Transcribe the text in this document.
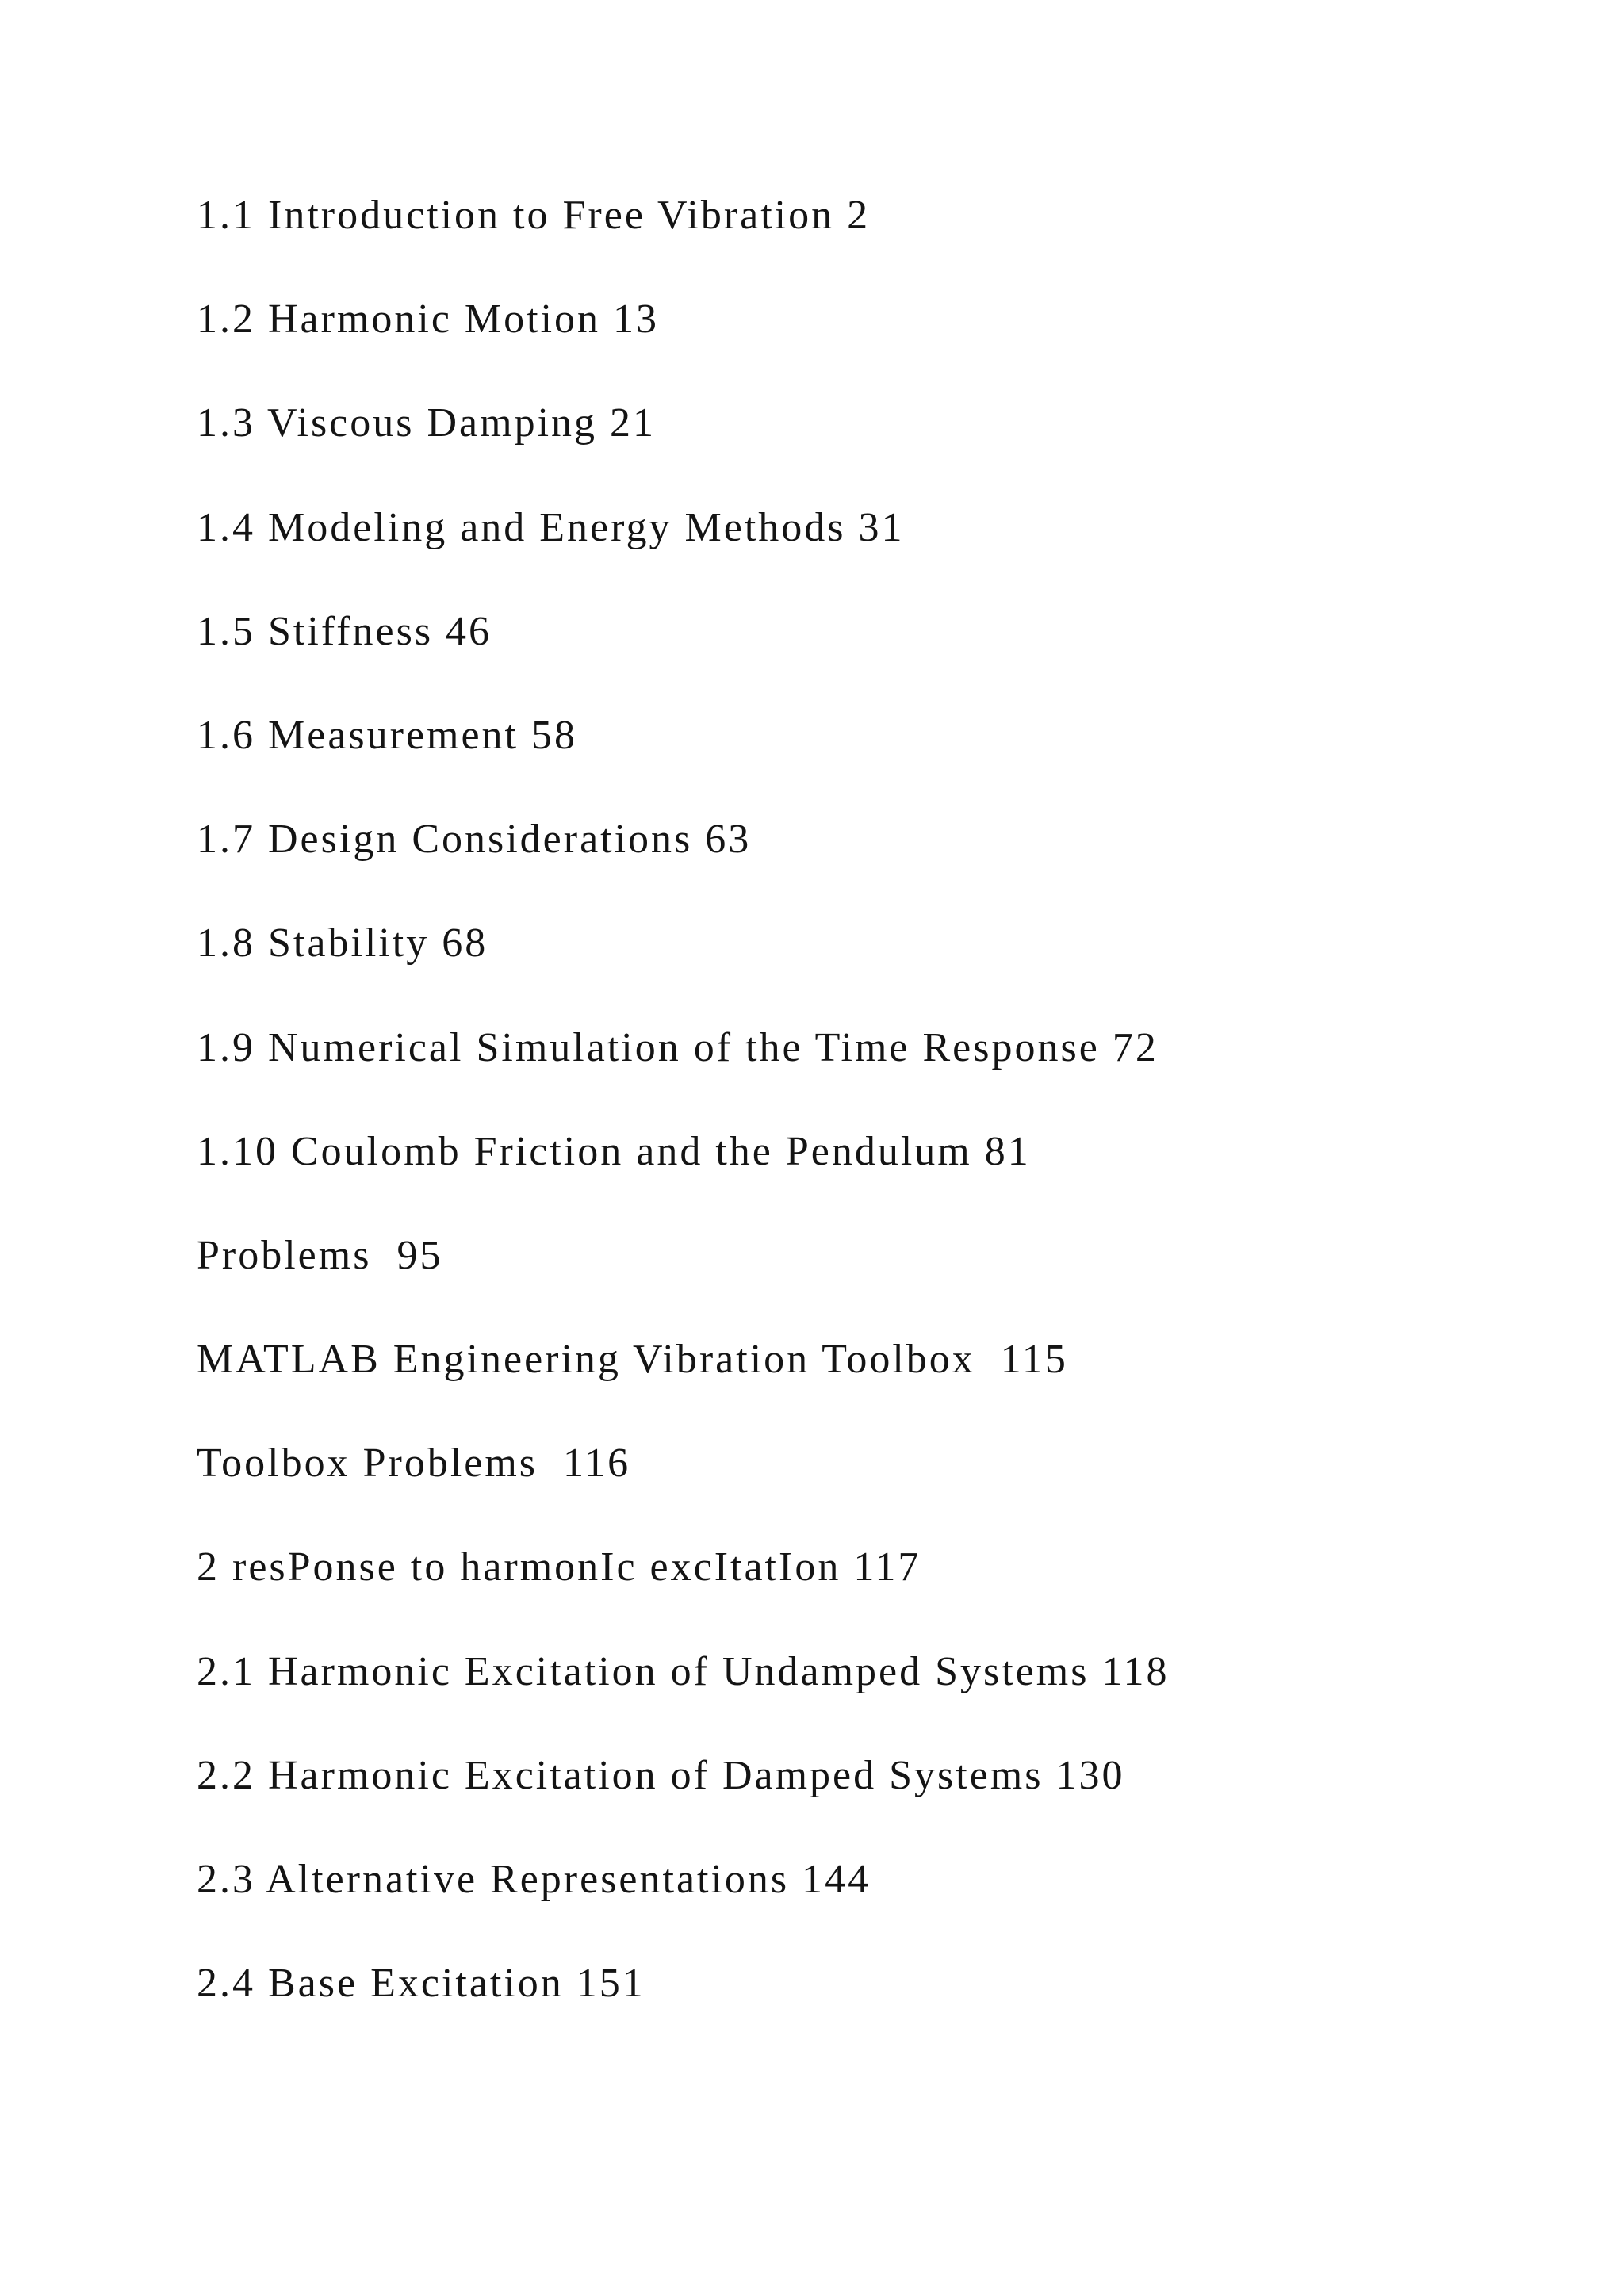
1.1 Introduction to Free Vibration 2
1.2 Harmonic Motion 13
1.3 Viscous Damping 21
1.4 Modeling and Energy Methods 31
1.5 Stiffness 46
1.6 Measurement 58
1.7 Design Considerations 63
1.8 Stability 68
1.9 Numerical Simulation of the Time Response 72
1.10 Coulomb Friction and the Pendulum 81
Problems  95
MATLAB Engineering Vibration Toolbox  115
Toolbox Problems  116
2 resPonse to harmonIc excItatIon 117
2.1 Harmonic Excitation of Undamped Systems 118
2.2 Harmonic Excitation of Damped Systems 130
2.3 Alternative Representations 144
2.4 Base Excitation 151
